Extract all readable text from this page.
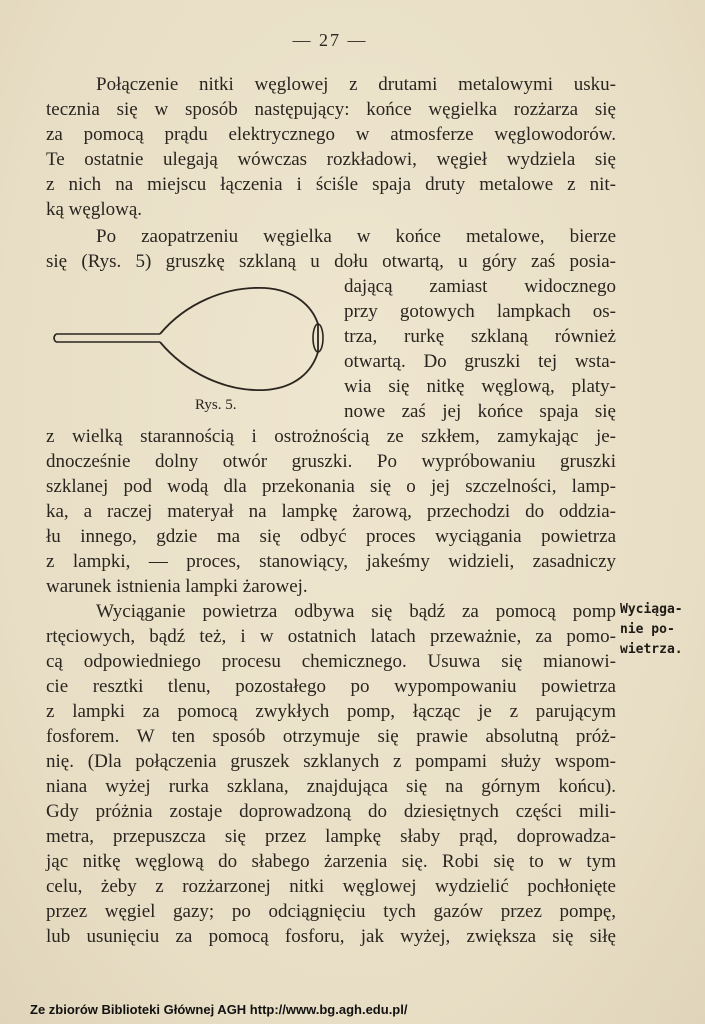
— 27 —
Połączenie nitki węglowej z drutami metalowymi usku-
tecznia się w sposób następujący: końce węgielka rozżarza się
za pomocą prądu elektrycznego w atmosferze węglowodorów.
Te ostatnie ulegają wówczas rozkładowi, węgieł wydziela się
z nich na miejscu łączenia i ściśle spaja druty metalowe z nit-
ką węglową.
Po zaopatrzeniu węgielka w końce metalowe, bierze
się (Rys. 5) gruszkę szklaną u dołu otwartą, u góry zaś posia-
Rys. 5.
dającą zamiast widocznego
przy gotowych lampkach os-
trza, rurkę szklaną również
otwartą. Do gruszki tej wsta-
wia się nitkę węglową, platy-
nowe zaś jej końce spaja się
z wielką starannością i ostrożnością ze szkłem, zamykając je-
dnocześnie dolny otwór gruszki. Po wypróbowaniu gruszki
szklanej pod wodą dla przekonania się o jej szczelności, lamp-
ka, a raczej materyał na lampkę żarową, przechodzi do oddzia-
łu innego, gdzie ma się odbyć proces wyciągania powietrza
z lampki, — proces, stanowiący, jakeśmy widzieli, zasadniczy
warunek istnienia lampki żarowej.
Wyciąganie powietrza odbywa się bądź za pomocą pomp
rtęciowych, bądź też, i w ostatnich latach przeważnie, za pomo-
cą odpowiedniego procesu chemicznego. Usuwa się mianowi-
cie resztki tlenu, pozostałego po wypompowaniu powietrza
z lampki za pomocą zwykłych pomp, łącząc je z parującym
fosforem. W ten sposób otrzymuje się prawie absolutną próż-
nię. (Dla połączenia gruszek szklanych z pompami służy wspom-
niana wyżej rurka szklana, znajdująca się na górnym końcu).
Gdy próżnia zostaje doprowadzoną do dziesiętnych części mili-
metra, przepuszcza się przez lampkę słaby prąd, doprowadza-
jąc nitkę węglową do słabego żarzenia się. Robi się to w tym
celu, żeby z rozżarzonej nitki węglowej wydzielić pochłonięte
przez węgiel gazy; po odciągnięciu tych gazów przez pompę,
lub usunięciu za pomocą fosforu, jak wyżej, zwiększa się siłę
Wyciąga-
nie po-
wietrza.
Ze zbiorów Biblioteki Głównej AGH http://www.bg.agh.edu.pl/
